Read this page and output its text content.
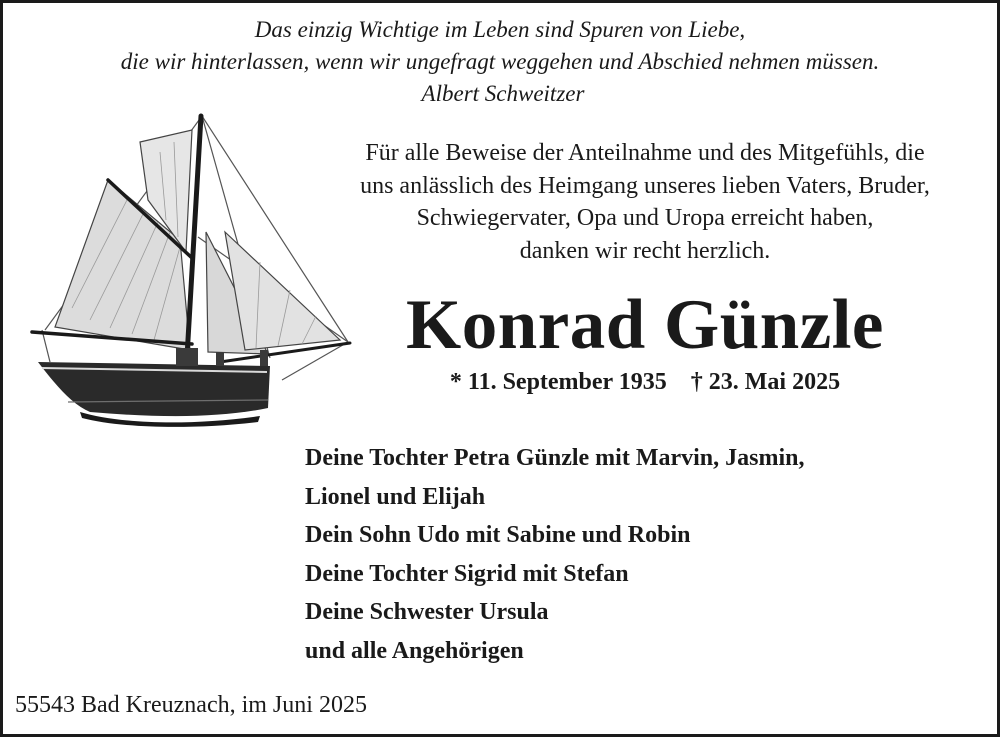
Das einzig Wichtige im Leben sind Spuren von Liebe,
die wir hinterlassen, wenn wir ungefragt weggehen und Abschied nehmen müssen.
Albert Schweitzer
Für alle Beweise der Anteilnahme und des Mitgefühls, die
uns anlässlich des Heimgang unseres lieben Vaters, Bruder,
Schwiegervater, Opa und Uropa erreicht haben,
danken wir recht herzlich.
Konrad Günzle
* 11. September 1935 † 23. Mai 2025
Deine Tochter Petra Günzle mit Marvin, Jasmin,
Lionel und Elijah
Dein Sohn Udo mit Sabine und Robin
Deine Tochter Sigrid mit Stefan
Deine Schwester Ursula
und alle Angehörigen
55543 Bad Kreuznach, im Juni 2025
